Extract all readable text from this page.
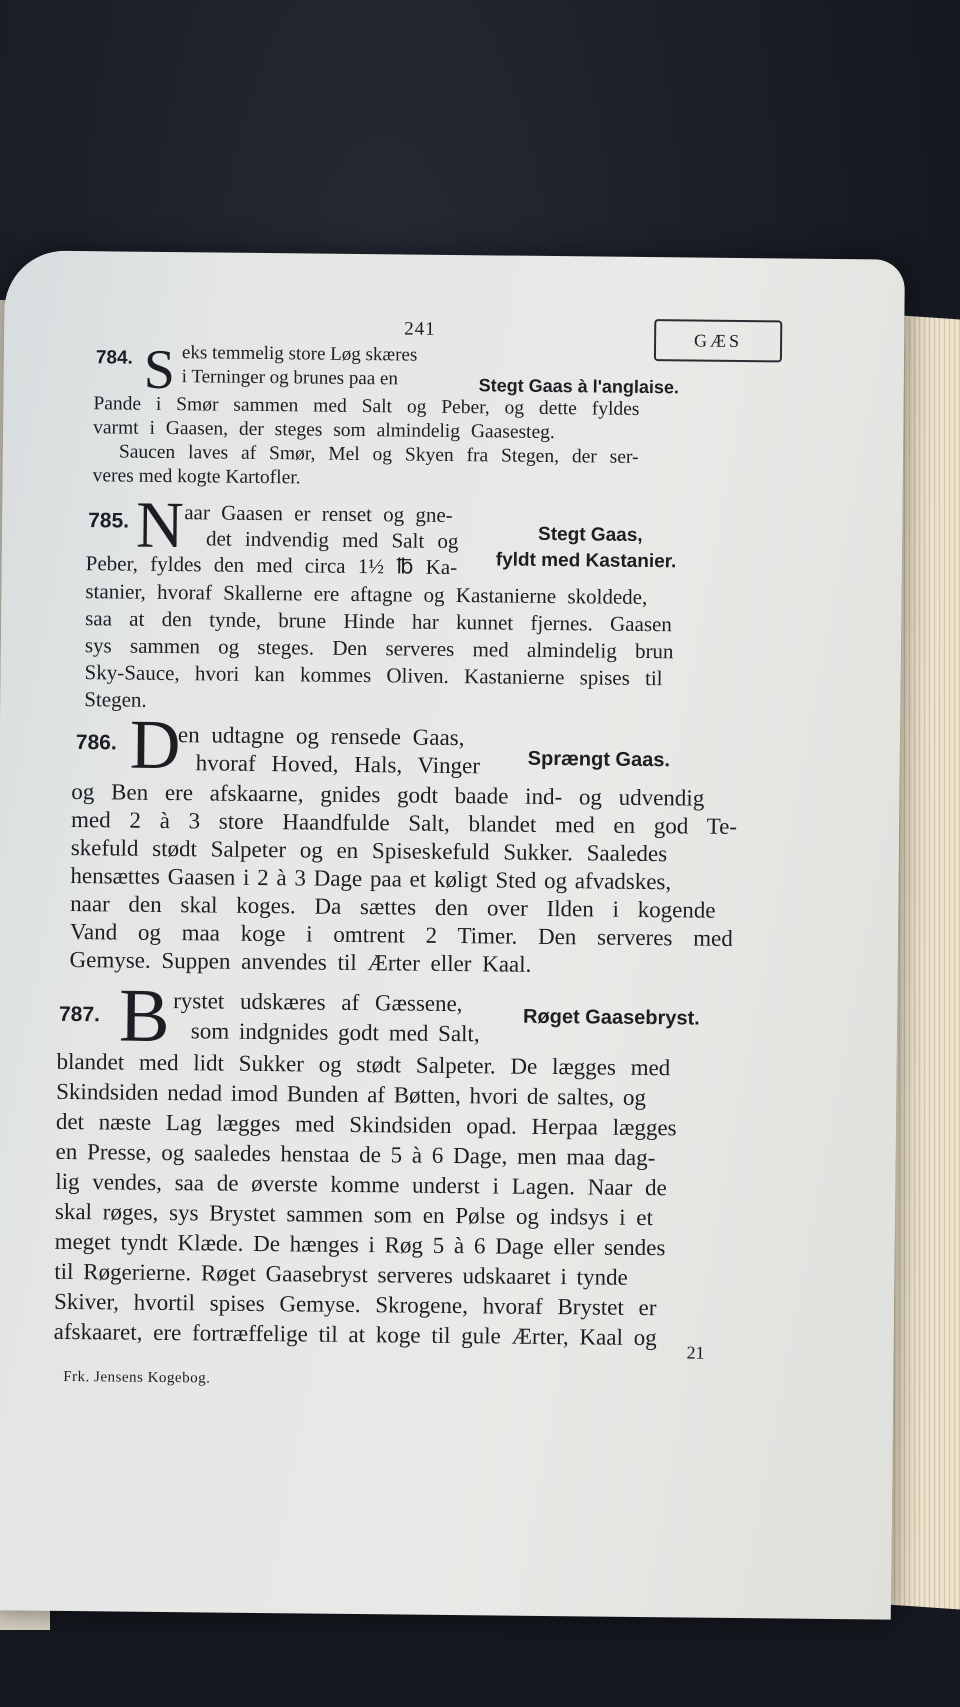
241
GÆS
784. S eks temmelig store Løg skæres
i Terninger og brunes paa en	Stegt Gaas à l'anglaise.
Pande i Smør sammen med Salt og Peber, og dette fyldes
varmt i Gaasen, der steges som almindelig Gaasesteg.
Saucen laves af Smør, Mel og Skyen fra Stegen, der ser-
veres med kogte Kartofler.
785. N aar Gaasen er renset og gne-
det indvendig med Salt og	Stegt Gaas,
fyldt med Kastanier.
Peber, fyldes den med circa 1½ ℔ Ka-
stanier, hvoraf Skallerne ere aftagne og Kastanierne skoldede,
saa at den tynde, brune Hinde har kunnet fjernes. Gaasen
sys sammen og steges. Den serveres med almindelig brun
Sky-Sauce, hvori kan kommes Oliven. Kastanierne spises til
Stegen.
786. D
en udtagne og rensede Gaas,
hvoraf Hoved, Hals, Vinger Sprængt Gaas.
og Ben ere afskaarne, gnides godt baade ind- og udvendig
med 2 à 3 store Haandfulde Salt, blandet med en god Te-
skefuld stødt Salpeter og en Spiseskefuld Sukker. Saaledes
hensættes Gaasen i 2 à 3 Dage paa et køligt Sted og afvadskes,
naar den skal koges. Da sættes den over Ilden i kogende
Vand og maa koge i omtrent 2 Timer. Den serveres med
Gemyse. Suppen anvendes til Ærter eller Kaal.
787. B rystet udskæres af Gæssene,
som indgnides godt med Salt,
Røget Gaasebryst.
blandet med lidt Sukker og stødt Salpeter. De lægges med
Skindsiden nedad imod Bunden af Bøtten, hvori de saltes, og
det næste Lag lægges med Skindsiden opad. Herpaa lægges
en Presse, og saaledes henstaa de 5 à 6 Dage, men maa dag-
lig vendes, saa de øverste komme underst i Lagen. Naar de
skal røges, sys Brystet sammen som en Pølse og indsys i et
meget tyndt Klæde. De hænges i Røg 5 à 6 Dage eller sendes
til Røgerierne. Røget Gaasebryst serveres udskaaret i tynde
Skiver, hvortil spises Gemyse. Skrogene, hvoraf Brystet er
afskaaret, ere fortræffelige til at koge til gule Ærter, Kaal og
21
Frk. Jensens Kogebog.
